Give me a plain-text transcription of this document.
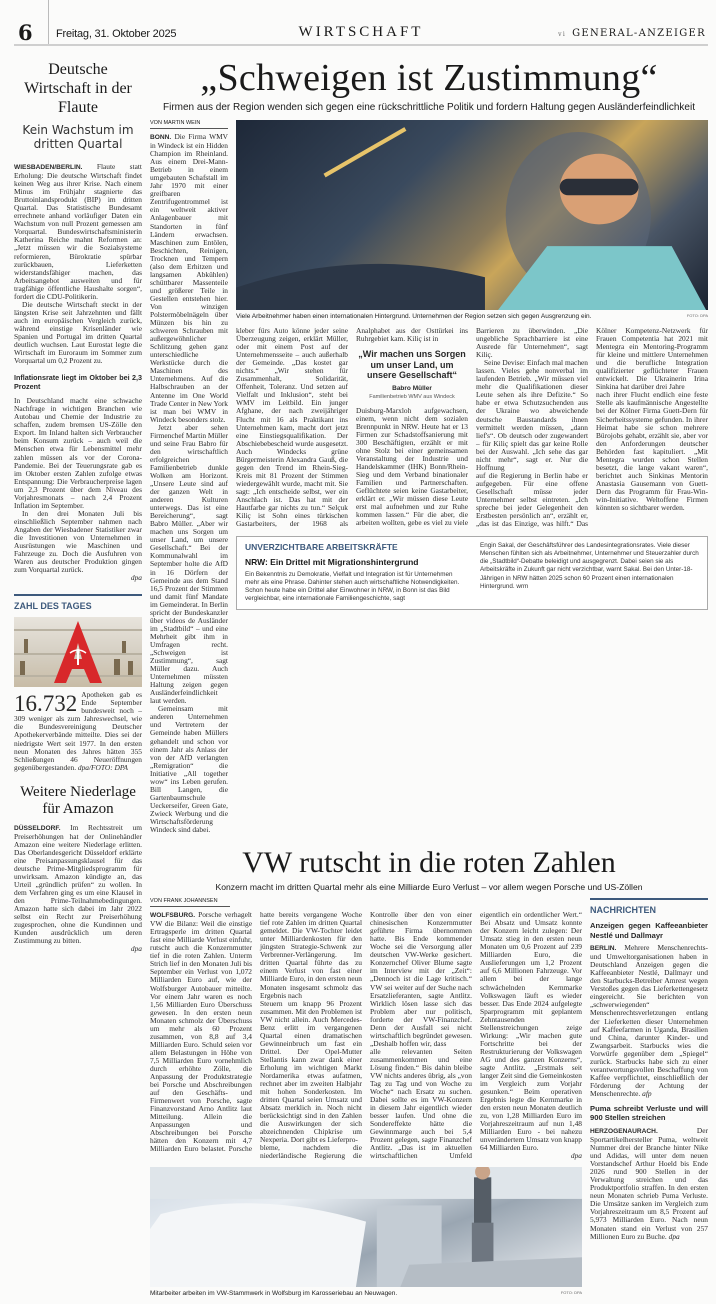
6 Freitag, 31. Oktober 2025	WIRTSCHAFT	vi GENERAL-ANZEIGER
Deutsche Wirtschaft in der Flaute
Kein Wachstum im dritten Quartal

WIESBADEN/BERLIN. Flaute statt Erholung: Die deutsche Wirtschaft findet keinen Weg aus ihrer Krise. Nach einem Minus im Frühjahr stagnierte das Bruttoinlandsprodukt (BIP) im dritten Quartal. Das Statistische Bundesamt errechnete anhand vorläufiger Daten ein Wachstum von null Prozent gemessen am Vorquartal. Bundeswirtschaftsministerin Katherina Reiche mahnt Reformen an: „Jetzt müssen wir die Sozialsysteme reformieren, Bürokratie spürbar zurückbauen, Lieferketten widerstandsfähiger machen, das Arbeitsangebot ausweiten und für tragfähige öffentliche Haushalte sorgen“, fordert die CDU-Politikerin.

Die deutsche Wirtschaft steckt in der längsten Krise seit Jahrzehnten und fällt auch im europäischen Vergleich zurück, während einstige Krisenländer wie Spanien und Portugal im dritten Quartal deutlich wuchsen. Laut Eurostat legte die Wirtschaft im Euroraum im Sommer zum Vorquartal um 0,2 Prozent zu.

Inflationsrate liegt im Oktober bei 2,3 Prozent

In Deutschland macht eine schwache Nachfrage in wichtigen Branchen wie Autobau und Chemie der Industrie zu schaffen, zudem bremsen US-Zölle den Export. Im Inland halten sich Verbraucher beim Konsum zurück – auch weil die Menschen etwa für Lebensmittel mehr zahlen müssen als vor der Corona-Pandemie. Bei der Teuerungsrate gab es im Oktober ersten Zahlen zufolge etwas Entspannung: Die Verbraucherpreise lagen um 2,3 Prozent über dem Niveau des Vorjahresmonats – nach 2,4 Prozent Inflation im September.

In den drei Monaten Juli bis einschließlich September nahmen nach Angaben der Wiesbadener Statistiker zwar die Investitionen von Unternehmen in Ausrüstungen wie Maschinen und Fahrzeuge zu. Doch die Ausfuhren von Waren aus deutscher Produktion gingen zum Vorquartal zurück.

dpa
ZAHL DES TAGES
16.732 Apotheken gab es Ende September bundesweit noch – 309 weniger als zum Jahreswechsel, wie die Bundesvereinigung Deutscher Apothekerverbände mitteilte. Dies sei der niedrigste Wert seit 1977. In den ersten neun Monaten des Jahres hätten 355 Schließungen 46 Neueröffnungen gegenübergestanden. dpa/FOTO: DPA
Weitere Niederlage für Amazon

DÜSSELDORF. Im Rechtsstreit um Preiserhöhungen hat der Onlinehändler Amazon eine weitere Niederlage erlitten. Das Oberlandesgericht Düsseldorf erklärte eine Preisanpassungsklausel für das deutsche Prime-Mitgliedsprogramm für unwirksam. Amazon kündigte an, das Urteil „gründlich prüfen“ zu wollen. In dem Verfahren ging es um eine Klausel in den Prime-Teilnahmebedingungen. Amazon hatte sich dabei im Jahr 2022 selbst ein Recht zur Preiserhöhung zugesprochen, ohne die Kundinnen und Kunden ausdrücklich um deren Zustimmung zu bitten.

dpa
„Schweigen ist Zustimmung“
Firmen aus der Region wenden sich gegen eine rückschrittliche Politik und fordern Haltung gegen Ausländerfeindlichkeit
VON MARTIN WEIN

BONN. Die Firma WMV in Windeck ist ein Hidden Champion im Rheinland. Aus einem Drei-Mann-Betrieb in einem umgebauten Schafstall im Jahr 1970 mit einer greifbaren Zentrifugentrommel ist ein weltweit aktiver Anlagenbauer mit Standorten in fünf Ländern erwachsen. Maschinen zum Entölen, Beschichten, Reinigen, Trocknen und Tempern (also dem Erhitzen und langsamen Abkühlen) schüttbarer Massenteile und größerer Teile in Gestellen entstehen hier. Von winzigen Polstermöbelnägeln über Münzen bis hin zu schweren Schrauben mit außergewöhnlicher Schlitzung gehen ganz unterschiedliche Werkstücke durch die Maschinen des Unternehmens. Auf die Halbschrauben an der Antenne im One World Trade Center in New York ist man bei WMV in Windeck besonders stolz.

Jetzt aber sehen Firmenchef Martin Müller und seine Frau Babro für den wirtschaftlich erfolgreichen Familienbetrieb dunkle Wolken am Horizont. „Unsere Leute sind auf der ganzen Welt in anderen Kulturen unterwegs. Das ist eine Bereicherung“, sagt Babro Müller. „Aber wir machen uns Sorgen um unser Land, um unsere Gesellschaft.“ Bei der Kommunalwahl im September holte die AfD in 16 Dörfern der Gemeinde aus dem Stand 16,5 Prozent der Stimmen und damit fünf Mandate im Gemeinderat. In Berlin spricht der Bundeskanzler über videos de Ausländer im „Stadtbild“ – und eine Mehrheit gibt ihm in Umfragen recht. „Schweigen ist Zustimmung“, sagt Müller dazu. Auch Unternehmen müssten Haltung zeigen gegen Ausländerfeindlichkeit laut werden.

Gemeinsam mit anderen Unternehmen und Vertretern der Gemeinde haben Müllers gehandelt und schon vor einem Jahr als Anlass der von der AfD verlangten „Remigration“ die Initiative „All together wow“ ins Leben gerufen. Bill Langen, die Gartenbaumschule Ueckerseifer, Green Gate, Zwieck Werbung und die Wirtschaftsförderung Windeck sind dabei.

Viele Arbeitnehmer haben einen internationalen Hintergrund. Unternehmen der Region setzen sich gegen Ausgrenzung ein.	FOTO: DPA

kleber fürs Auto könne jeder seine Überzeugung zeigen, erklärt Müller, oder mit einem Post auf der Unternehmensseite – auch außerhalb der Gemeinde. „Das kostet gar nichts.“ „Wir stehen für Zusammenhalt, Solidarität, Offenheit, Toleranz. Und setzen auf Vielfalt und Inklusion“, steht bei WMV im Leitbild. Ein junger Afghane, der nach zweijähriger Flucht mit 16 als Praktikant ins Unternehmen kam, macht dort jetzt eine Einstiegsqualifikation. Der Abschiebebescheid wurde ausgesetzt. Auch Windecks grüne Bürgermeisterin Alexandra Gauß, die gegen den Trend im Rhein-Sieg-Kreis mit 81 Prozent der Stimmen wiedergewählt wurde, macht mit. Sie sagt: „Ich entscheide selbst, wer ein Anschlach ist. Das hat mit der Hautfarbe gar nichts zu tun.“ Selçuk Kiliç ist Sohn eines türkischen Gastarbeiters, der 1968 als Analphabet aus der Osttürkei ins Ruhrgebiet kam. Kiliç ist in

„Wir machen uns Sorgen um unser Land, um unsere Gesellschaft“
Babro Müller
Familienbetrieb WMV aus Windeck

Duisburg-Marxloh aufgewachsen, einem, wenn nicht dem sozialen Brennpunkt in NRW. Heute hat er 13 Firmen zur Schadstoffsanierung mit 300 Beschäftigten, erzählt er mit ohne Stolz bei einer gemeinsamen Veranstaltung der Industrie und Handelskammer (IHK) Bonn/Rhein-Sieg und dem Verband binationaler Familien und Partnerschaften. Geflüchtete seien keine Gastarbeiter, erklärt er. „Wir müssen diese Leute erst mal aufnehmen und zur Ruhe kommen lassen.“ Für die aber, die arbeiten wollten, gebe es viel zu viele Barrieren zu überwinden. „Die ungebliche Sprachbarriere ist eine Ausrede für Unternehmen“, sagt Kiliç.

Seine Devise: Einfach mal machen lassen. Vieles gehe nonverbal im laufenden Betrieb. „Wir müssen viel mehr die Qualifikationen dieser Leute sehen als ihre Defizite.“ So habe er etwa Schutzsuchenden aus der Ukraine wo abweichende deutsche Baustandards ihnen vermittelt werden müssen, „dann lief's“. Ob deutsch oder zugewandert – für Kiliç spielt das gar keine Rolle bei der Auswahl. „Ich sehe das gar nicht mehr“, sagt er. Nur die Hoffnung

auf die Regierung in Berlin habe er aufgegeben. Für eine offene Gesellschaft müsse jeder Unternehmer selbst eintreten. „Ich spreche bei jeder Gelegenheit den Erstbesten persönlich an“, erzählt er, „das ist das Einzige, was hilft.“ Das Kölner Kompetenz-Netzwerk für Frauen Competentia hat 2021 mit Mentegra ein Mentoring-Programm für kleine und mittlere Unternehmen und die berufliche Integration qualifizierter geflüchteter Frauen entwickelt. Die Ukrainerin Irina Sinkina hat darüber drei Jahre

nach ihrer Flucht endlich eine feste Stelle als kaufmännische Angestellte bei der Kölner Firma Guett-Dern für Sicherheitssysteme gefunden. In ihrer Heimat habe sie schon mehrere Bürojobs gehabt, erzählt sie, aber vor den Anforderungen deutscher Behörden fast kapituliert. „Mit Mentegra wurden schon Stellen besetzt, die lange vakant waren“, berichtet auch Sinkinas Mentorin Anastasia Gausemann von Guett-Dern das Programm für Frau-Win-win-Initiative. Weltoffene Firmen könnten so sichtbarer werden.

UNVERZICHTBARE ARBEITSKRÄFTE
NRW: Ein Drittel mit Migrationshintergrund
Ein Bekenntnis zu Demokratie, Vielfalt und Integration ist für Unternehmen mehr als eine Phrase. Dahinter stehen auch wirtschaftliche Notwendigkeiten. Schon heute habe ein Drittel aller Einwohner in NRW, in Bonn ist das Bild vergleichbar, eine internationale Familiengeschichte, sagt
Engin Sakal, der Geschäftsführer des Landesintegrationsrates. Viele dieser Menschen fühlten sich als Arbeitnehmer, Unternehmer und Steuerzahler durch die „Stadtbild“-Debatte beleidigt und ausgegrenzt. Dabei seien sie als Arbeitskräfte in Zukunft gar nicht verzichtbar, warnt Sakal. Bei den Unter-18-Jährigen in NRW hätten 2025 schon 60 Prozent einen internationalen Hintergrund. wrm
VW rutscht in die roten Zahlen
Konzern macht im dritten Quartal mehr als eine Milliarde Euro Verlust – vor allem wegen Porsche und US-Zöllen
VON FRANK JOHANNSEN

WOLFSBURG. Porsche verhagelt VW die Bilanz: Weil die einstige Ertragsperle im dritten Quartal fast eine Milliarde Verlust einfuhr, rutscht auch die Konzernmutter tief in die roten Zahlen. Unterm Strich lief in den Monaten Juli bis September ein Verlust von 1,072 Milliarden Euro auf, wie der Wolfsburger Autobauer mitteilte. Vor einem Jahr waren es noch 1,56 Milliarden Euro Überschuss gewesen. In den ersten neun Monaten schmolz der Überschuss um mehr als 60 Prozent zusammen, von 8,8 auf 3,4 Milliarden Euro. Schuld seien vor allem Belastungen in Höhe von 7,5 Milliarden Euro vornehmlich durch erhöhte Zölle, die Anpassung der Produktstrategie bei Porsche und Abschreibungen auf den Geschäfts- und Firmenwert von Porsche, sagte Finanzvorstand Arno Antlitz laut Mitteilung. Allein die Anpassungen und Abschreibungen bei Porsche hätten den Konzern mit 4,7 Milliarden Euro belastet. Porsche hatte bereits vergangene Woche tief rote Zahlen im dritten Quartal gemeldet. Die VW-Tochter leidet unter Milliardenkosten für den jüngsten Strategie-Schwenk zur Verbrenner-Verlängerung. Im dritten Quartal führte das zu einem Verlust von fast einer Milliarde Euro, in den ersten neun Monaten insgesamt schmolz das Ergebnis nach

Steuern um knapp 96 Prozent zusammen. Mit den Problemen ist VW nicht allein. Auch Mercedes-Benz erlitt im vergangenen Quartal einen dramatischen Gewinneinbruch um fast ein Drittel. Der Opel-Mutter Stellantis kann zwar dank einer Erholung im wichtigen Markt Nordamerika etwas aufatmen, rechnet aber im zweiten Halbjahr mit hohen Sonderkosten. Im dritten Quartal seien Umsatz und Absatz merklich in. Noch nicht berücksichtigt sind in den Zahlen die Auswirkungen der sich abzeichnenden Chipkrise um Nexperia. Dort gibt es Lieferpro-

bleme, nachdem die niederländische Regierung die Kontrolle über den von einer chinesischen Konzernmutter geführte Firma übernommen hatte. Bis Ende kommender Woche sei die Versorgung aller deutschen VW-Werke gesichert. Konzernchef Oliver Blume sagte im Interview mit der „Zeit“: „Dennoch ist die Lage kritisch.“ VW sei weiter auf der Suche nach Ersatzlieferanten, sagte Antlitz. Wirklich lösen lasse sich das Problem aber nur politisch, forderte der VW-Finanzchef. Denn der Ausfall sei nicht wirtschaftlich begründet gewesen. „Deshalb hoffen wir, dass

alle relevanten Seiten zusammenkommen und eine Lösung finden.“ Bis dahin bleibe VW nichts anderes übrig, als „von Tag zu Tag und von Woche zu Woche“ nach Ersatz zu suchen. Dabei sollte es im VW-Konzern in diesem Jahr eigentlich wieder besser laufen. Und ohne die Sondereffekte hätte die Gewinnmarge auch bei 5,4 Prozent gelegen, sagte Finanzchef Antlitz. „Das ist im aktuellen wirtschaftlichen Umfeld eigentlich ein ordentlicher Wert.“ Bei Absatz und Umsatz konnte der Konzern leicht zulegen: Der Umsatz stieg in den ersten neun Monaten um 0,6 Prozent auf 239 Milliarden Euro, die Auslieferungen um 1,2 Prozent auf 6,6 Millionen Fahrzeuge. Vor allem bei der lange schwächelnden Kernmarke Volkswagen läuft es wieder besser. Das Ende 2024 aufgelegte Sparprogramm mit geplantem Zehntausenden Stellenstreichungen zeige Wirkung: „Wir machen gute Fortschritte bei der Restrukturierung der Volkswagen AG und des ganzen Konzerns“, sagte Antlitz. „Erstmals seit langer Zeit sind die Gemeinkosten im Vergleich zum Vorjahr gesunken.“ Beim operativen Ergebnis legte die Kernmarke in den ersten neun Monaten deutlich zu, von 1,28 Milliarden Euro im Vorjahreszeitraum auf nun 1,48 Milliarden Euro - bei nahezu unverändertem Umsatz von knapp 64 Milliarden Euro.

dpa
Mitarbeiter arbeiten im VW-Stammwerk in Wolfsburg im Karosseriebau an Neuwagen.	FOTO: DPA
NACHRICHTEN
Anzeigen gegen Kaffeeanbieter Nestlé und Dallmayr

BERLIN. Mehrere Menschenrechts- und Umweltorganisationen haben in Deutschland Anzeigen gegen die Kaffeeanbieter Nestlé, Dallmayr und den Starbucks-Betreiber Amrest wegen Verstoßes gegen das Lieferkettengesetz eingereicht. Sie berichten von „schwerwiegenden“ Menschenrechtsverletzungen entlang der Lieferketten dieser Unternehmen auf Kaffeefarmen in Uganda, Brasilien und China, darunter Kinder- und Zwangsarbeit. Starbucks wies die Vorwürfe gegenüber dem „Spiegel“ zurück. Starbucks habe sich zu einer verantwortungsvollen Beschaffung von Kaffee verpflichtet, einschließlich der Förderung der Achtung der Menschenrechte. afp

Puma schreibt Verluste und will 900 Stellen streichen

HERZOGENAURACH.	Der Sportartikelhersteller Puma, weltweit Nummer drei der Branche hinter Nike und Adidas, will unter dem neuen Vorstandschef Arthur Hoeld bis Ende 2026 rund 900 Stellen in der Verwaltung streichen und das Produktportfolio straffen. In den ersten neun Monaten schrieb Puma Verluste. Die Umsätze sanken im Vergleich zum Vorjahreszeitraum um 8,5 Prozent auf 5,973 Milliarden Euro. Nach neun Monaten stand ein Verlust von 257 Millionen Euro zu Buche. dpa
